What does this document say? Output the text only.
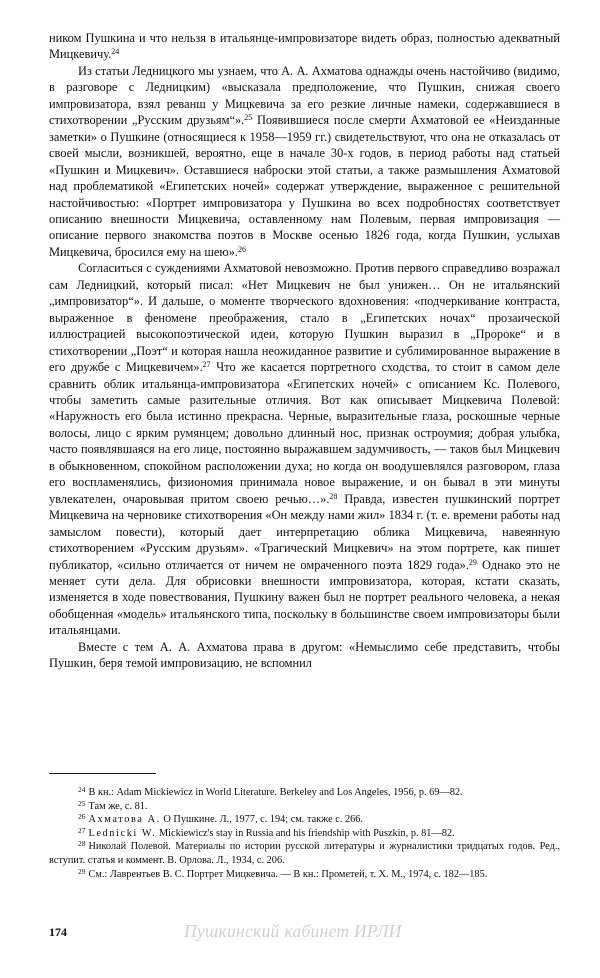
ником Пушкина и что нельзя в итальянце-импровизаторе видеть образ, полностью адекватный Мицкевичу.$^{24}$

Из статьи Ледницкого мы узнаем, что А. А. Ахматова однажды очень настойчиво (видимо, в разговоре с Ледницким) «высказала предположение, что Пушкин, снижая своего импровизатора, взял реванш у Мицкевича за его резкие личные намеки, содержавшиеся в стихотворении „Русским друзьям“».$^{25}$ Появившиеся после смерти Ахматовой ее «Неизданные заметки» о Пушкине (относящиеся к 1958—1959 гг.) свидетельствуют, что она не отказалась от своей мысли, возникшей, вероятно, еще в начале 30-х годов, в период работы над статьей «Пушкин и Мицкевич». Оставшиеся наброски этой статьи, а также размышления Ахматовой над проблематикой «Египетских ночей» содержат утверждение, выраженное с решительной настойчивостью: «Портрет импровизатора у Пушкина во всех подробностях соответствует описанию внешности Мицкевича, оставленному нам Полевым, первая импровизация — описание первого знакомства поэтов в Москве осенью 1826 года, когда Пушкин, услыхав Мицкевича, бросился ему на шею».$^{26}$

Согласиться с суждениями Ахматовой невозможно. Против первого справедливо возражал сам Ледницкий, который писал: «Нет Мицкевич не был унижен… Он не итальянский „импровизатор“». И дальше, о моменте творческого вдохновения: «подчеркивание контраста, выраженное в феномене преображения, стало в „Египетских ночах“ прозаической иллюстрацией высокопоэтической идеи, которую Пушкин выразил в „Пророке“ и в стихотворении „Поэт“ и которая нашла неожиданное развитие и сублимированное выражение в его дружбе с Мицкевичем».$^{27}$ Что же касается портретного сходства, то стоит в самом деле сравнить облик итальянца-импровизатора «Египетских ночей» с описанием Кс. Полевого, чтобы заметить самые разительные отличия. Вот как описывает Мицкевича Полевой: «Наружность его была истинно прекрасна. Черные, выразительные глаза, роскошные черные волосы, лицо с ярким румянцем; довольно длинный нос, признак остроумия; добрая улыбка, часто появлявшаяся на его лице, постоянно выражавшем задумчивость, — таков был Мицкевич в обыкновенном, спокойном расположении духа; но когда он воодушевлялся разговором, глаза его воспламенялись, физиономия принимала новое выражение, и он бывал в эти минуты увлекателен, очаровывая притом своею речью…».$^{28}$ Правда, известен пушкинский портрет Мицкевича на черновике стихотворения «Он между нами жил» 1834 г. (т. е. времени работы над замыслом повести), который дает интерпретацию облика Мицкевича, навеянную стихотворением «Русским друзьям». «Трагический Мицкевич» на этом портрете, как пишет публикатор, «сильно отличается от ничем не омраченного поэта 1829 года».$^{29}$ Однако это не меняет сути дела. Для обрисовки внешности импровизатора, которая, кстати сказать, изменяется в ходе повествования, Пушкину важен был не портрет реального человека, а некая обобщенная «модель» итальянского типа, поскольку в большинстве своем импровизаторы были итальянцами.

Вместе с тем А. А. Ахматова права в другом: «Немыслимо себе представить, чтобы Пушкин, беря темой импровизацию, не вспомнил

$^{24}$ В кн.: Adam Mickiewicz in World Literature. Berkeley and Los Angeles, 1956, p. 69—82.

$^{25}$ Там же, с. 81.

$^{26}$ Ахматова А. О Пушкине. Л., 1977, с. 194; см. также с. 266.

$^{27}$ Lednicki W. Mickiewicz's stay in Russia and his friendship with Puszkin, p. 81—82.

$^{28}$ Николай Полевой. Материалы по истории русской литературы и журналистики тридцатых годов. Ред., вступит. статья и коммент. В. Орлова. Л., 1934, с. 206.

$^{29}$ См.: Лаврентьев В. С. Портрет Мицкевича. — В кн.: Прометей, т. X. М., 1974, с. 182—185.

174	Пушкинский кабинет ИРЛИ
